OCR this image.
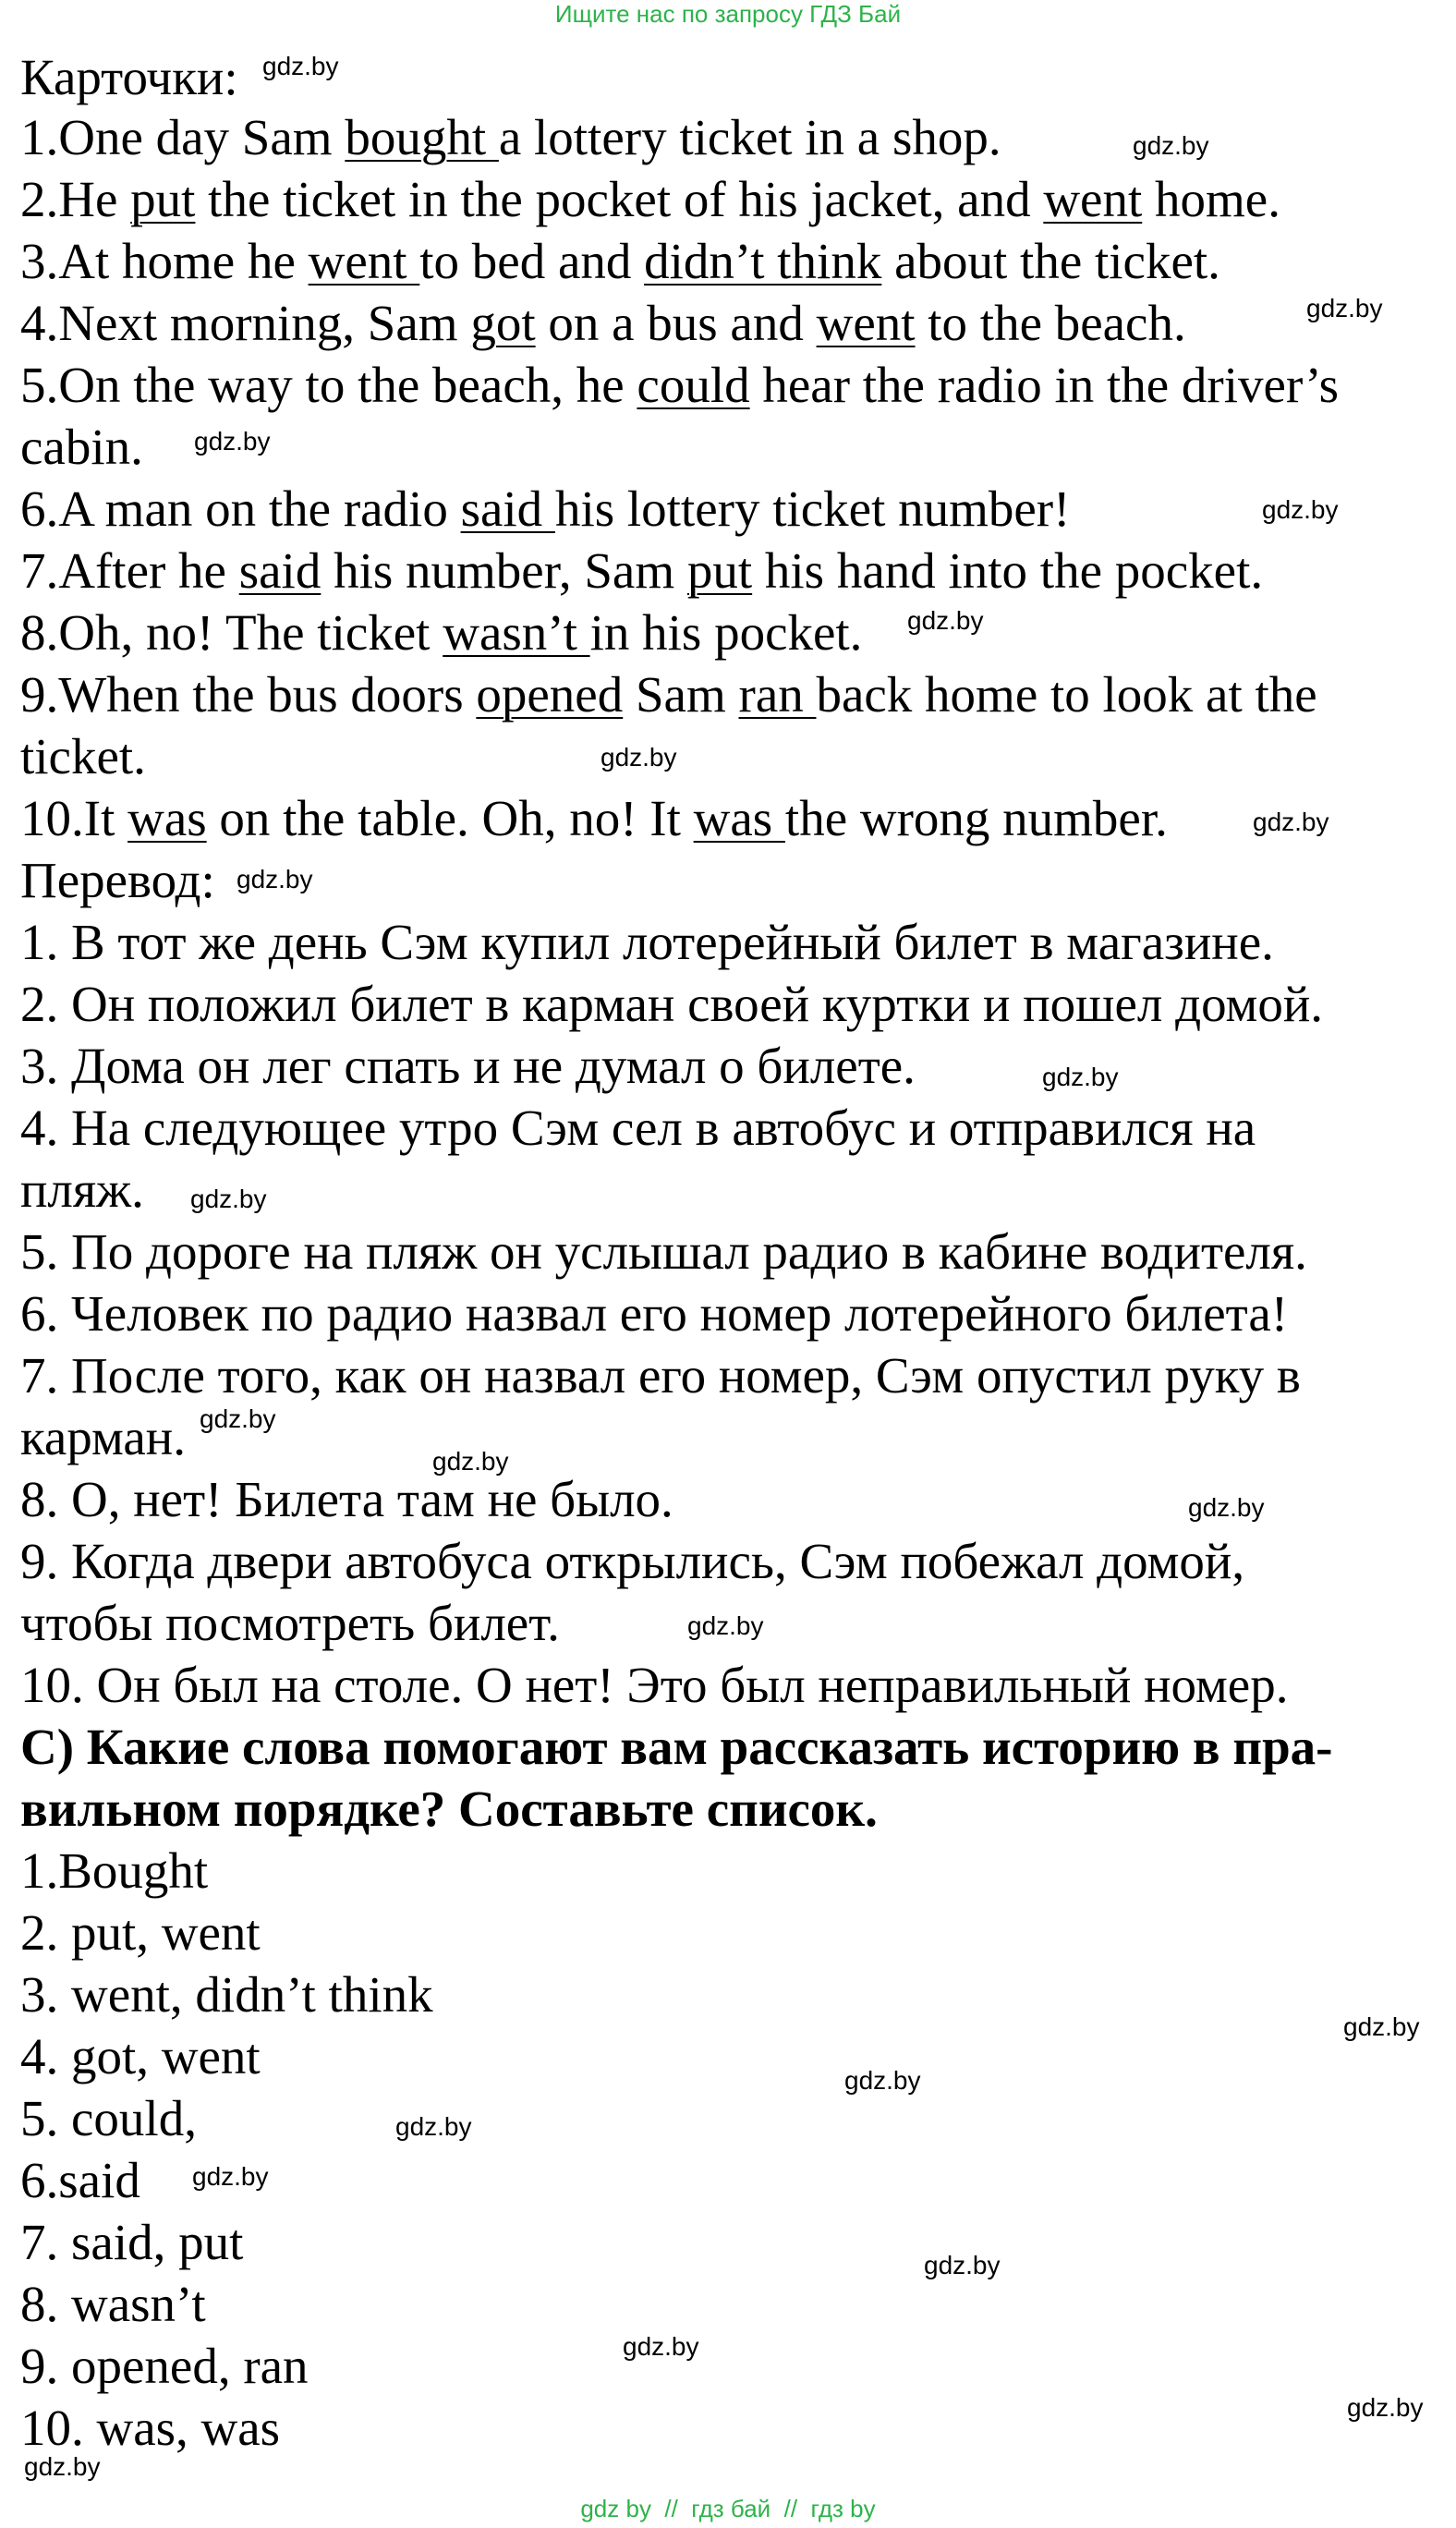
Ищите нас по запросу ГДЗ Бай
Карточки:
1.One day Sam bought a lottery ticket in a shop.
2.He put the ticket in the pocket of his jacket, and went home.
3.At home he went to bed and didn’t think about the ticket.
4.Next morning, Sam got on a bus and went to the beach.
5.On the way to the beach, he could hear the radio in the driver’s
cabin.
6.A man on the radio said his lottery ticket number!
7.After he said his number, Sam put his hand into the pocket.
8.Oh, no! The ticket wasn’t in his pocket.
9.When the bus doors opened Sam ran back home to look at the
ticket.
10.It was on the table. Oh, no! It was the wrong number.
Перевод:
1. В тот же день Сэм купил лотерейный билет в магазине.
2. Он положил билет в карман своей куртки и пошел домой.
3. Дома он лег спать и не думал о билете.
4. На следующее утро Сэм сел в автобус и отправился на
пляж.
5. По дороге на пляж он услышал радио в кабине водителя.
6. Человек по радио назвал его номер лотерейного билета!
7. После того, как он назвал его номер, Сэм опустил руку в
карман.
8. О, нет! Билета там не было.
9. Когда двери автобуса открылись, Сэм побежал домой,
чтобы посмотреть билет.
10. Он был на столе. О нет! Это был неправильный номер.
С) Какие слова помогают вам рассказать историю в пра-
вильном порядке? Составьте список.
1.Bought
2. put, went
3. went, didn’t think
4. got, went
5. could,
6.said
7. said, put
8. wasn’t
9. opened, ran
10. was, was
gdz.by
gdz.by
gdz.by
gdz.by
gdz.by
gdz.by
gdz.by
gdz.by
gdz.by
gdz.by
gdz.by
gdz.by
gdz.by
gdz.by
gdz.by
gdz.by
gdz.by
gdz.by
gdz.by
gdz.by
gdz.by
gdz.by
gdz.by
gdz by  //  гдз бай  //  гдз by
